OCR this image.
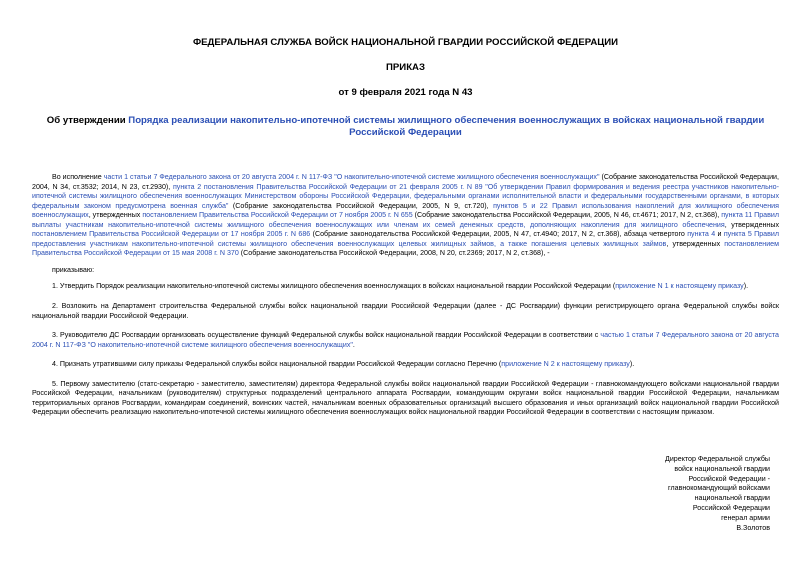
ФЕДЕРАЛЬНАЯ СЛУЖБА ВОЙСК НАЦИОНАЛЬНОЙ ГВАРДИИ РОССИЙСКОЙ ФЕДЕРАЦИИ
ПРИКАЗ
от 9 февраля 2021 года N 43
Об утверждении Порядка реализации накопительно-ипотечной системы жилищного обеспечения военнослужащих в войсках национальной гвардии Российской Федерации

Во исполнение части 1 статьи 7 Федерального закона от 20 августа 2004 г. N 117-ФЗ "О накопительно-ипотечной системе жилищного обеспечения военнослужащих" (Собрание законодательства Российской Федерации, 2004, N 34, ст.3532; 2014, N 23, ст.2930), пункта 2 постановления Правительства Российской Федерации от 21 февраля 2005 г. N 89 "Об утверждении Правил формирования и ведения реестра участников накопительно-ипотечной системы жилищного обеспечения военнослужащих Министерством обороны Российской Федерации, федеральными органами исполнительной власти и федеральными государственными органами, в которых федеральным законом предусмотрена военная служба" (Собрание законодательства Российской Федерации, 2005, N 9, ст.720), пунктов 5 и 22 Правил использования накоплений для жилищного обеспечения военнослужащих, утвержденных постановлением Правительства Российской Федерации от 7 ноября 2005 г. N 655 (Собрание законодательства Российской Федерации, 2005, N 46, ст.4671; 2017, N 2, ст.368), пункта 11 Правил выплаты участникам накопительно-ипотечной системы жилищного обеспечения военнослужащих или членам их семей денежных средств, дополняющих накопления для жилищного обеспечения, утвержденных постановлением Правительства Российской Федерации от 17 ноября 2005 г. N 686 (Собрание законодательства Российской Федерации, 2005, N 47, ст.4940; 2017, N 2, ст.368), абзаца четвертого пункта 4 и пункта 5 Правил предоставления участникам накопительно-ипотечной системы жилищного обеспечения военнослужащих целевых жилищных займов, а также погашения целевых жилищных займов, утвержденных постановлением Правительства Российской Федерации от 15 мая 2008 г. N 370 (Собрание законодательства Российской Федерации, 2008, N 20, ст.2369; 2017, N 2, ст.368), -

приказываю:

1. Утвердить Порядок реализации накопительно-ипотечной системы жилищного обеспечения военнослужащих в войсках национальной гвардии Российской Федерации (приложение N 1 к настоящему приказу).

2. Возложить на Департамент строительства Федеральной службы войск национальной гвардии Российской Федерации (далее - ДС Росгвардии) функции регистрирующего органа Федеральной службы войск национальной гвардии Российской Федерации.

3. Руководителю ДС Росгвардии организовать осуществление функций Федеральной службы войск национальной гвардии Российской Федерации в соответствии с частью 1 статьи 7 Федерального закона от 20 августа 2004 г. N 117-ФЗ "О накопительно-ипотечной системе жилищного обеспечения военнослужащих".

4. Признать утратившими силу приказы Федеральной службы войск национальной гвардии Российской Федерации согласно Перечню (приложение N 2 к настоящему приказу).

5. Первому заместителю (статс-секретарю - заместителю, заместителям) директора Федеральной службы войск национальной гвардии Российской Федерации - главнокомандующего войсками национальной гвардии Российской Федерации, начальникам (руководителям) структурных подразделений центрального аппарата Росгвардии, командующим округами войск национальной гвардии Российской Федерации, начальникам территориальных органов Росгвардии, командирам соединений, воинских частей, начальникам военных образовательных организаций высшего образования и иных организаций войск национальной гвардии Российской Федерации обеспечить реализацию накопительно-ипотечной системы жилищного обеспечения военнослужащих войск национальной гвардии Российской Федерации в соответствии с настоящим приказом.

Директор Федеральной службы
войск национальной гвардии
Российской Федерации -
главнокомандующий войсками
национальной гвардии
Российской Федерации
генерал армии
В.Золотов
